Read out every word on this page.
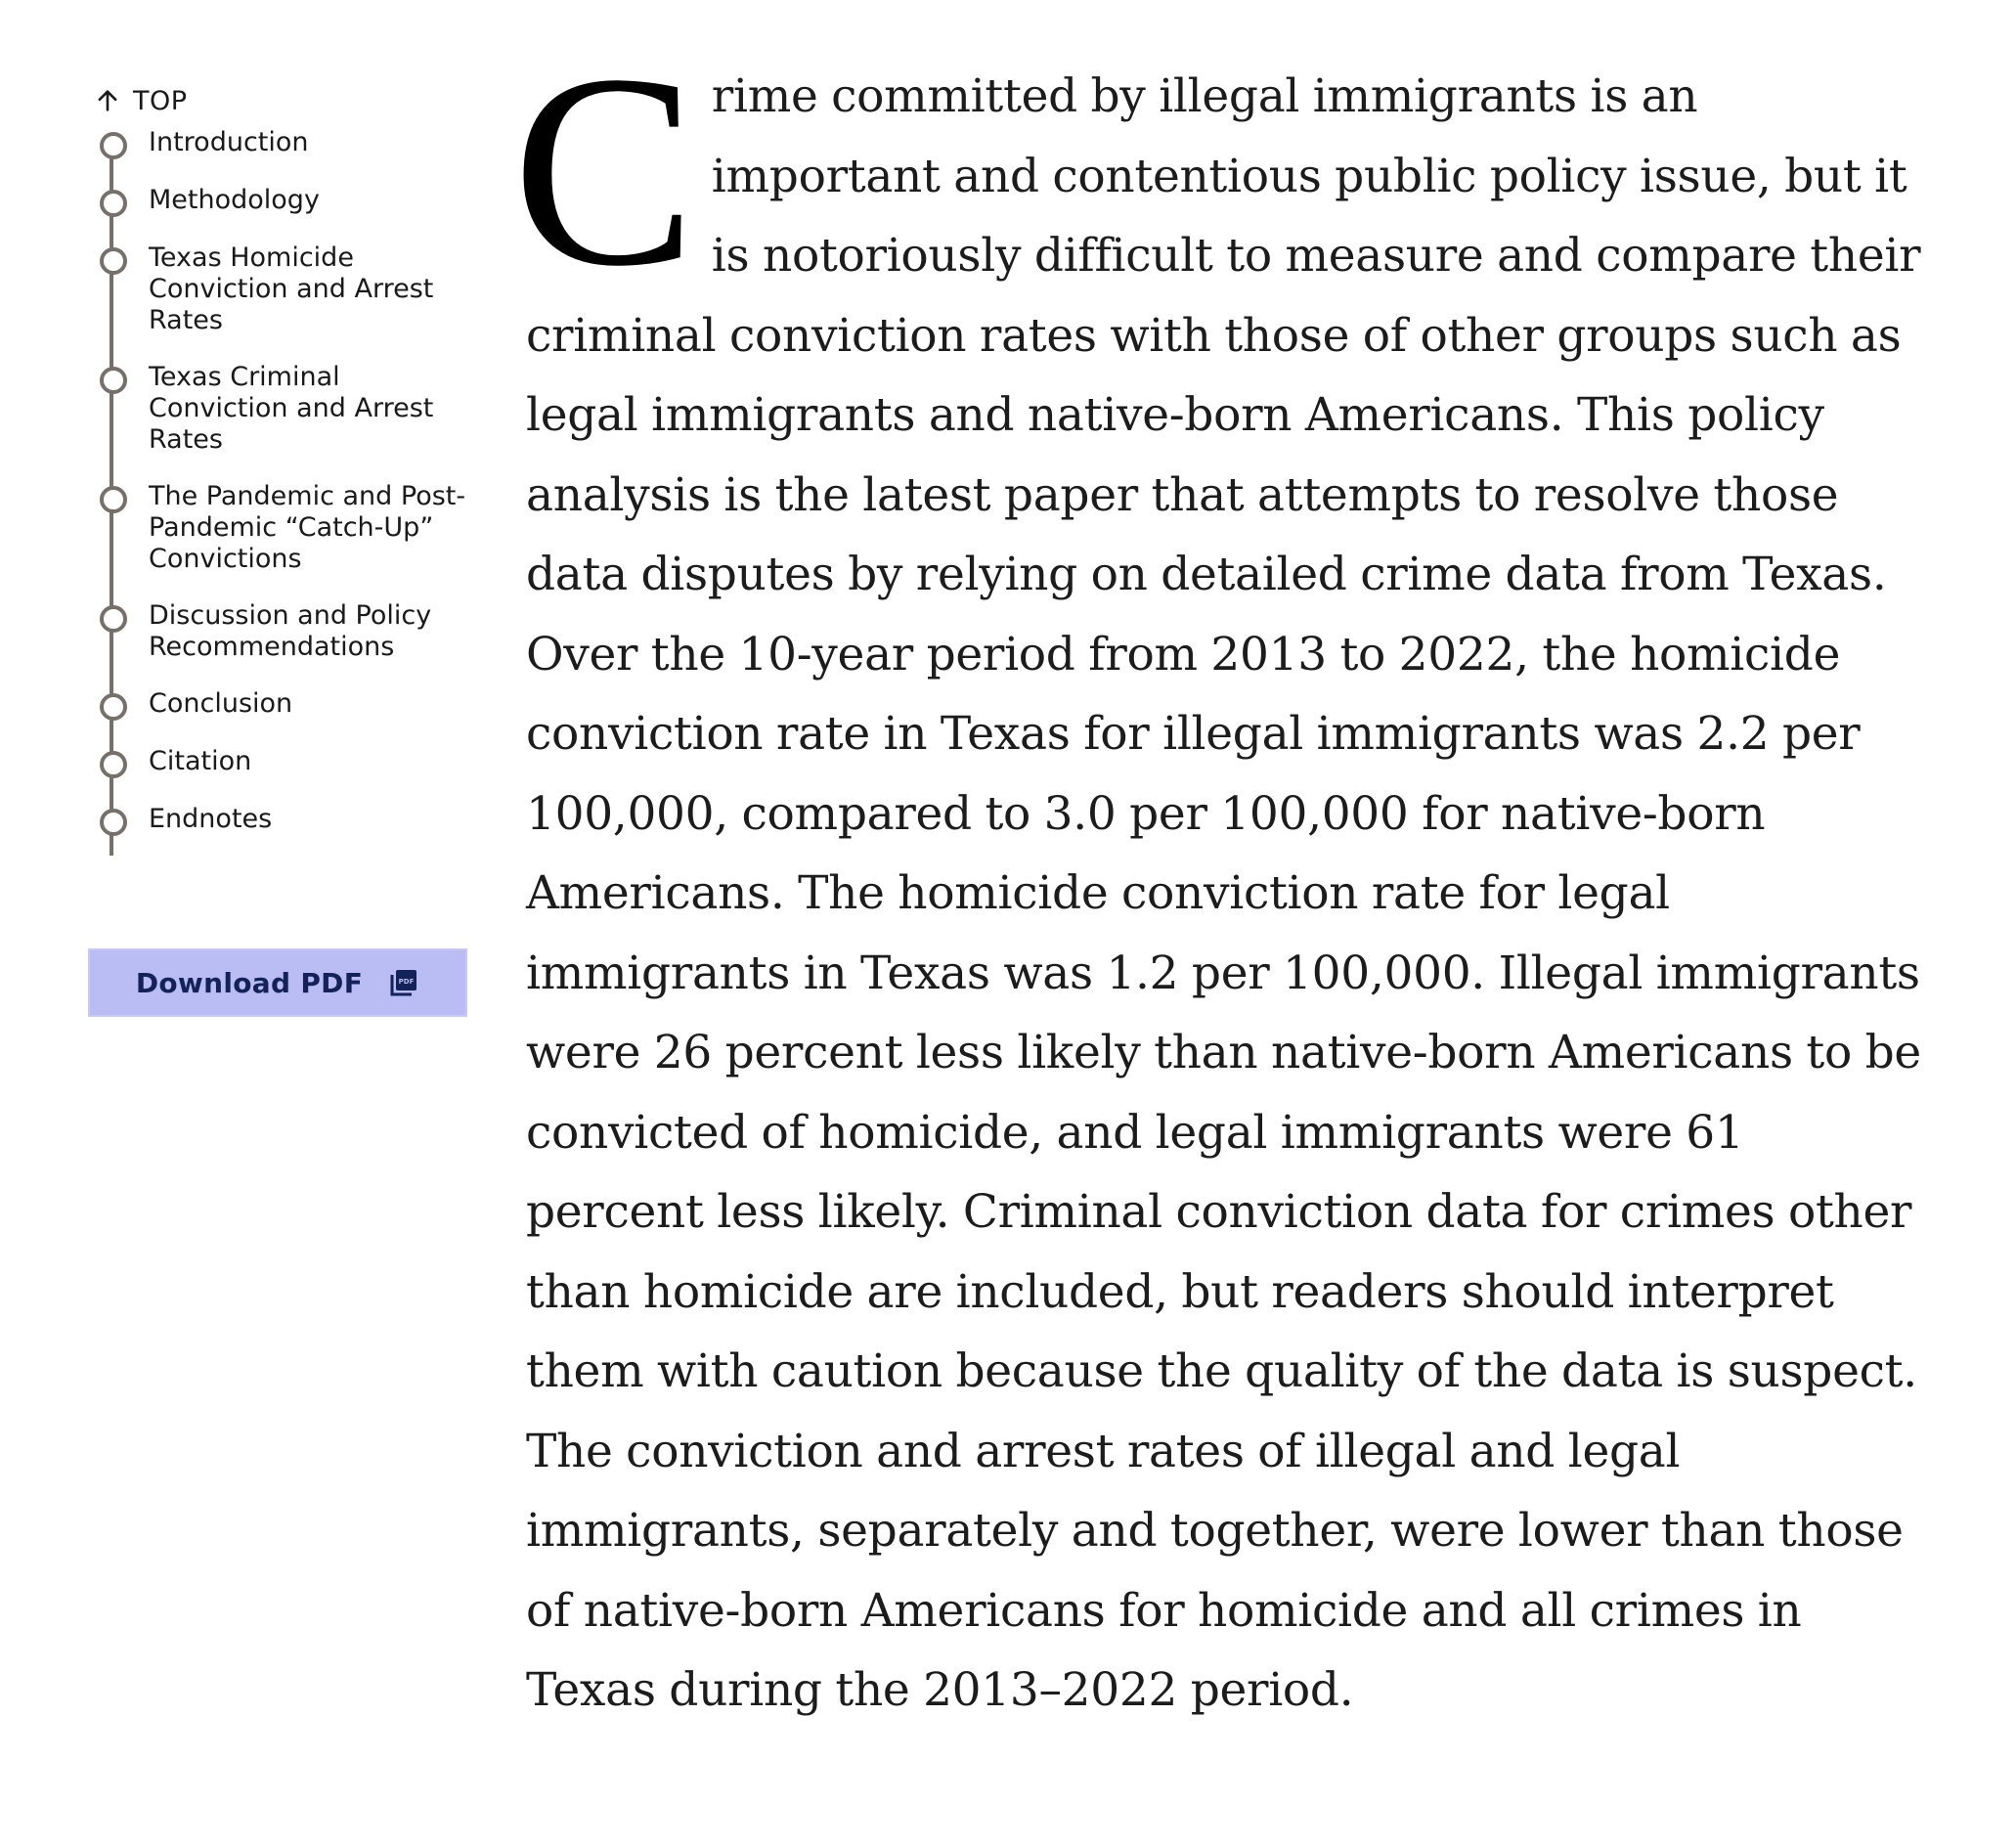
TOP
Introduction
Methodology
Texas Homicide Conviction and Arrest Rates
Texas Criminal Conviction and Arrest Rates
The Pandemic and Post-Pandemic “Catch-Up” Convictions
Discussion and Policy Recommendations
Conclusion
Citation
Endnotes
Download PDF	PDF
C rime committed by illegal immigrants is an important and contentious public policy issue, but it is notoriously difficult to measure and compare their criminal conviction rates with those of other groups such as legal immigrants and native-born Americans. This policy analysis is the latest paper that attempts to resolve those data disputes by relying on detailed crime data from Texas. Over the 10-year period from 2013 to 2022, the homicide conviction rate in Texas for illegal immigrants was 2.2 per 100,000, compared to 3.0 per 100,000 for native-born Americans. The homicide conviction rate for legal immigrants in Texas was 1.2 per 100,000. Illegal immigrants were 26 percent less likely than native-born Americans to be convicted of homicide, and legal immigrants were 61 percent less likely. Criminal conviction data for crimes other than homicide are included, but readers should interpret them with caution because the quality of the data is suspect. The conviction and arrest rates of illegal and legal immigrants, separately and together, were lower than those of native-born Americans for homicide and all crimes in Texas during the 2013–2022 period.
